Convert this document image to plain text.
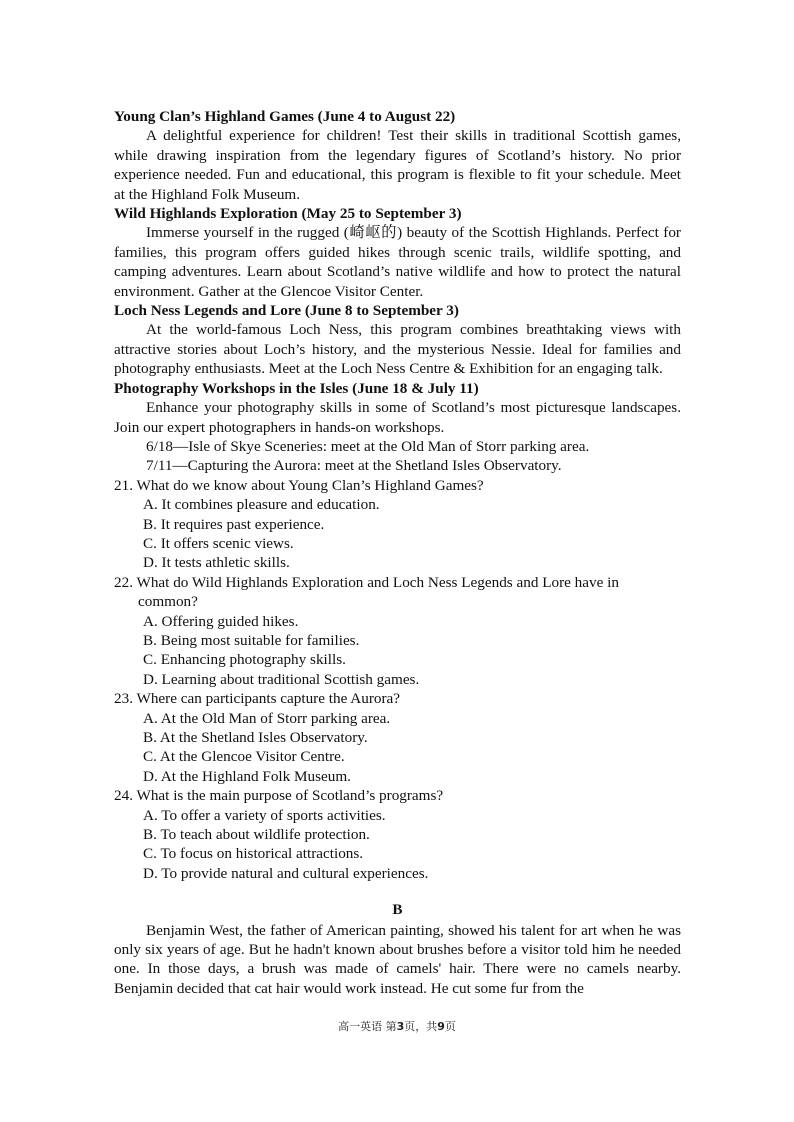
Young Clan’s Highland Games (June 4 to August 22)

A delightful experience for children! Test their skills in traditional Scottish games, while drawing inspiration from the legendary figures of Scotland’s history. No prior experience needed. Fun and educational, this program is flexible to fit your schedule. Meet at the Highland Folk Museum.

Wild Highlands Exploration (May 25 to September 3)

Immerse yourself in the rugged (崎岖的) beauty of the Scottish Highlands. Perfect for families, this program offers guided hikes through scenic trails, wildlife spotting, and camping adventures. Learn about Scotland’s native wildlife and how to protect the natural environment. Gather at the Glencoe Visitor Center.

Loch Ness Legends and Lore (June 8 to September 3)

At the world-famous Loch Ness, this program combines breathtaking views with attractive stories about Loch’s history, and the mysterious Nessie. Ideal for families and photography enthusiasts. Meet at the Loch Ness Centre & Exhibition for an engaging talk.

Photography Workshops in the Isles (June 18 & July 11)

Enhance your photography skills in some of Scotland’s most picturesque landscapes. Join our expert photographers in hands-on workshops.

6/18—Isle of Skye Sceneries: meet at the Old Man of Storr parking area.

7/11—Capturing the Aurora: meet at the Shetland Isles Observatory.

21. What do we know about Young Clan’s Highland Games?

A. It combines pleasure and education.

B. It requires past experience.

C. It offers scenic views.

D. It tests athletic skills.

22. What do Wild Highlands Exploration and Loch Ness Legends and Lore have in common?

A. Offering guided hikes.

B. Being most suitable for families.

C. Enhancing photography skills.

D. Learning about traditional Scottish games.

23. Where can participants capture the Aurora?

A. At the Old Man of Storr parking area.

B. At the Shetland Isles Observatory.

C. At the Glencoe Visitor Centre.

D. At the Highland Folk Museum.

24. What is the main purpose of Scotland’s programs?

A. To offer a variety of sports activities.

B. To teach about wildlife protection.

C. To focus on historical attractions.

D. To provide natural and cultural experiences.

B

Benjamin West, the father of American painting, showed his talent for art when he was only six years of age. But he hadn't known about brushes before a visitor told him he needed one. In those days, a brush was made of camels' hair. There were no camels nearby. Benjamin decided that cat hair would work instead. He cut some fur from the

高一英语 第3页，共9页
